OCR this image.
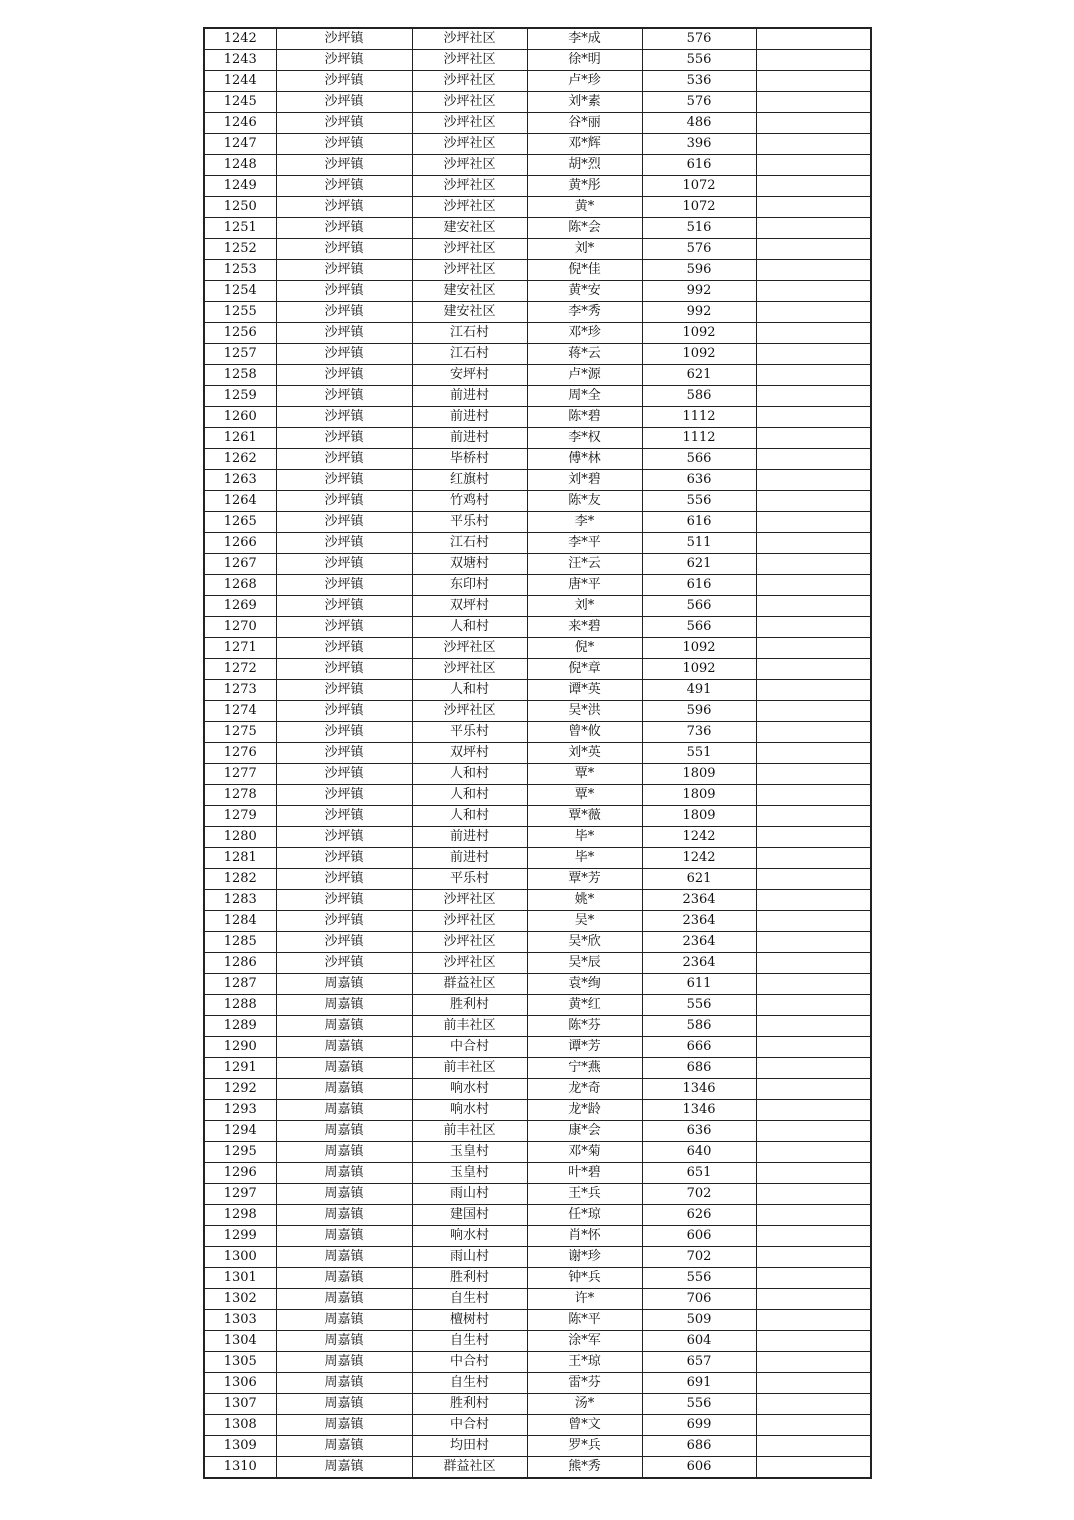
1242	沙坪镇	沙坪社区	李*成	576	
1243	沙坪镇	沙坪社区	徐*明	556	
1244	沙坪镇	沙坪社区	卢*珍	536	
1245	沙坪镇	沙坪社区	刘*素	576	
1246	沙坪镇	沙坪社区	谷*丽	486	
1247	沙坪镇	沙坪社区	邓*辉	396	
1248	沙坪镇	沙坪社区	胡*烈	616	
1249	沙坪镇	沙坪社区	黄*彤	1072	
1250	沙坪镇	沙坪社区	黄*	1072	
1251	沙坪镇	建安社区	陈*会	516	
1252	沙坪镇	沙坪社区	刘*	576	
1253	沙坪镇	沙坪社区	倪*佳	596	
1254	沙坪镇	建安社区	黄*安	992	
1255	沙坪镇	建安社区	李*秀	992	
1256	沙坪镇	江石村	邓*珍	1092	
1257	沙坪镇	江石村	蒋*云	1092	
1258	沙坪镇	安坪村	卢*源	621	
1259	沙坪镇	前进村	周*全	586	
1260	沙坪镇	前进村	陈*碧	1112	
1261	沙坪镇	前进村	李*权	1112	
1262	沙坪镇	毕桥村	傅*林	566	
1263	沙坪镇	红旗村	刘*碧	636	
1264	沙坪镇	竹鸡村	陈*友	556	
1265	沙坪镇	平乐村	李*	616	
1266	沙坪镇	江石村	李*平	511	
1267	沙坪镇	双塘村	汪*云	621	
1268	沙坪镇	东印村	唐*平	616	
1269	沙坪镇	双坪村	刘*	566	
1270	沙坪镇	人和村	来*碧	566	
1271	沙坪镇	沙坪社区	倪*	1092	
1272	沙坪镇	沙坪社区	倪*章	1092	
1273	沙坪镇	人和村	谭*英	491	
1274	沙坪镇	沙坪社区	吴*洪	596	
1275	沙坪镇	平乐村	曾*攸	736	
1276	沙坪镇	双坪村	刘*英	551	
1277	沙坪镇	人和村	覃*	1809	
1278	沙坪镇	人和村	覃*	1809	
1279	沙坪镇	人和村	覃*薇	1809	
1280	沙坪镇	前进村	毕*	1242	
1281	沙坪镇	前进村	毕*	1242	
1282	沙坪镇	平乐村	覃*芳	621	
1283	沙坪镇	沙坪社区	姚*	2364	
1284	沙坪镇	沙坪社区	吴*	2364	
1285	沙坪镇	沙坪社区	吴*欣	2364	
1286	沙坪镇	沙坪社区	吴*辰	2364	
1287	周嘉镇	群益社区	袁*绚	611	
1288	周嘉镇	胜利村	黄*红	556	
1289	周嘉镇	前丰社区	陈*芬	586	
1290	周嘉镇	中合村	谭*芳	666	
1291	周嘉镇	前丰社区	宁*燕	686	
1292	周嘉镇	响水村	龙*奇	1346	
1293	周嘉镇	响水村	龙*龄	1346	
1294	周嘉镇	前丰社区	康*会	636	
1295	周嘉镇	玉皇村	邓*菊	640	
1296	周嘉镇	玉皇村	叶*碧	651	
1297	周嘉镇	雨山村	王*兵	702	
1298	周嘉镇	建国村	任*琼	626	
1299	周嘉镇	响水村	肖*怀	606	
1300	周嘉镇	雨山村	谢*珍	702	
1301	周嘉镇	胜利村	钟*兵	556	
1302	周嘉镇	自生村	许*	706	
1303	周嘉镇	檀树村	陈*平	509	
1304	周嘉镇	自生村	涂*军	604	
1305	周嘉镇	中合村	王*琼	657	
1306	周嘉镇	自生村	雷*芬	691	
1307	周嘉镇	胜利村	汤*	556	
1308	周嘉镇	中合村	曾*文	699	
1309	周嘉镇	均田村	罗*兵	686	
1310	周嘉镇	群益社区	熊*秀	606	
